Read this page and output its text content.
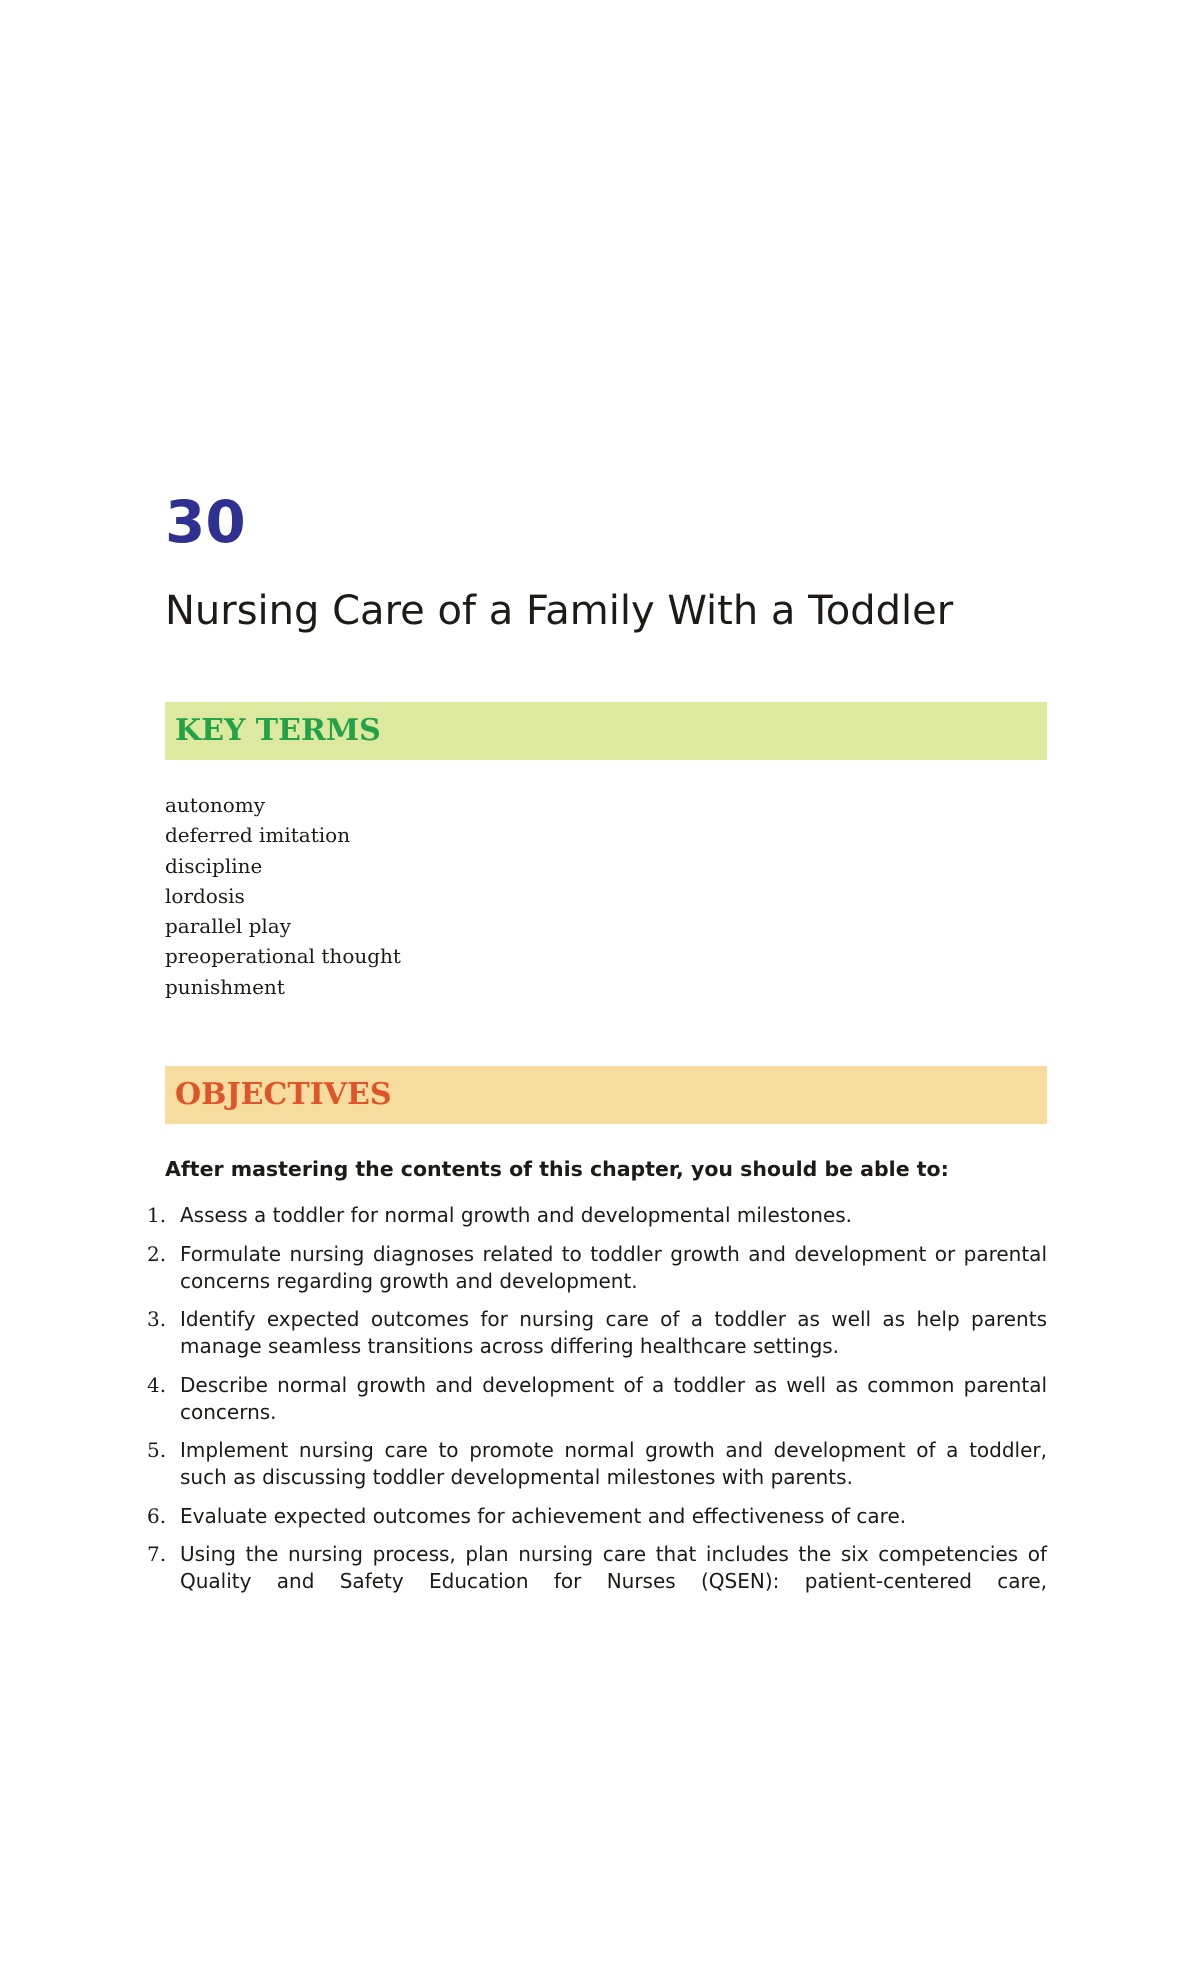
30
Nursing Care of a Family With a Toddler
KEY TERMS
autonomy
deferred imitation
discipline
lordosis
parallel play
preoperational thought
punishment
OBJECTIVES

After mastering the contents of this chapter, you should be able to:

1. Assess a toddler for normal growth and developmental milestones.
2. Formulate nursing diagnoses related to toddler growth and development or parental concerns regarding growth and development.
3. Identify expected outcomes for nursing care of a toddler as well as help parents manage seamless transitions across differing healthcare settings.
4. Describe normal growth and development of a toddler as well as common parental concerns.
5. Implement nursing care to promote normal growth and development of a toddler, such as discussing toddler developmental milestones with parents.
6. Evaluate expected outcomes for achievement and effectiveness of care.
7. Using the nursing process, plan nursing care that includes the six competencies of Quality and Safety Education for Nurses (QSEN): patient-centered care,
